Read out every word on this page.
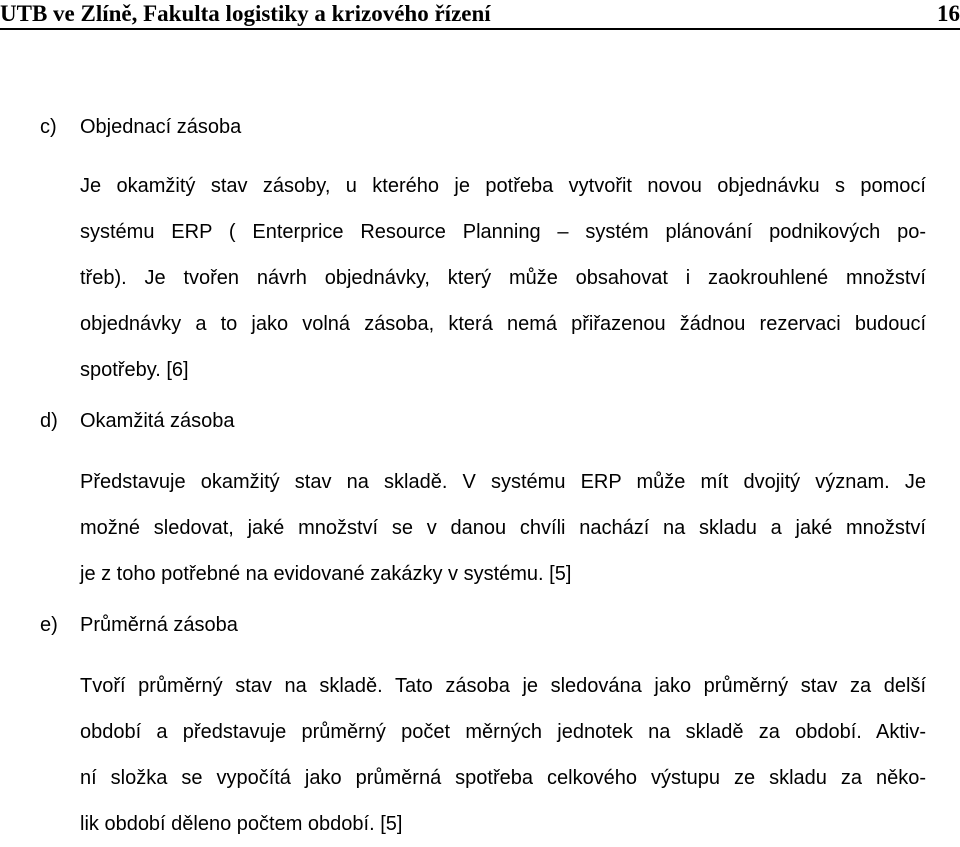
UTB ve Zlíně, Fakulta logistiky a krizového řízení	16
c) Objednací zásoba
Je okamžitý stav zásoby, u kterého je potřeba vytvořit novou objednávku s pomocí
systému ERP ( Enterprice Resource Planning – systém plánování podnikových po-
třeb). Je tvořen návrh objednávky, který může obsahovat i zaokrouhlené množství
objednávky a to jako volná zásoba, která nemá přiřazenou žádnou rezervaci budoucí
spotřeby. [6]
d) Okamžitá zásoba
Představuje okamžitý stav na skladě. V systému ERP může mít dvojitý význam. Je
možné sledovat, jaké množství se v danou chvíli nachází na skladu a jaké množství
je z toho potřebné na evidované zakázky v systému. [5]
e) Průměrná zásoba
Tvoří průměrný stav na skladě. Tato zásoba je sledována jako průměrný stav za delší
období a představuje průměrný počet měrných jednotek na skladě za období. Aktiv-
ní složka se vypočítá jako průměrná spotřeba celkového výstupu ze skladu za něko-
lik období děleno počtem období. [5]
